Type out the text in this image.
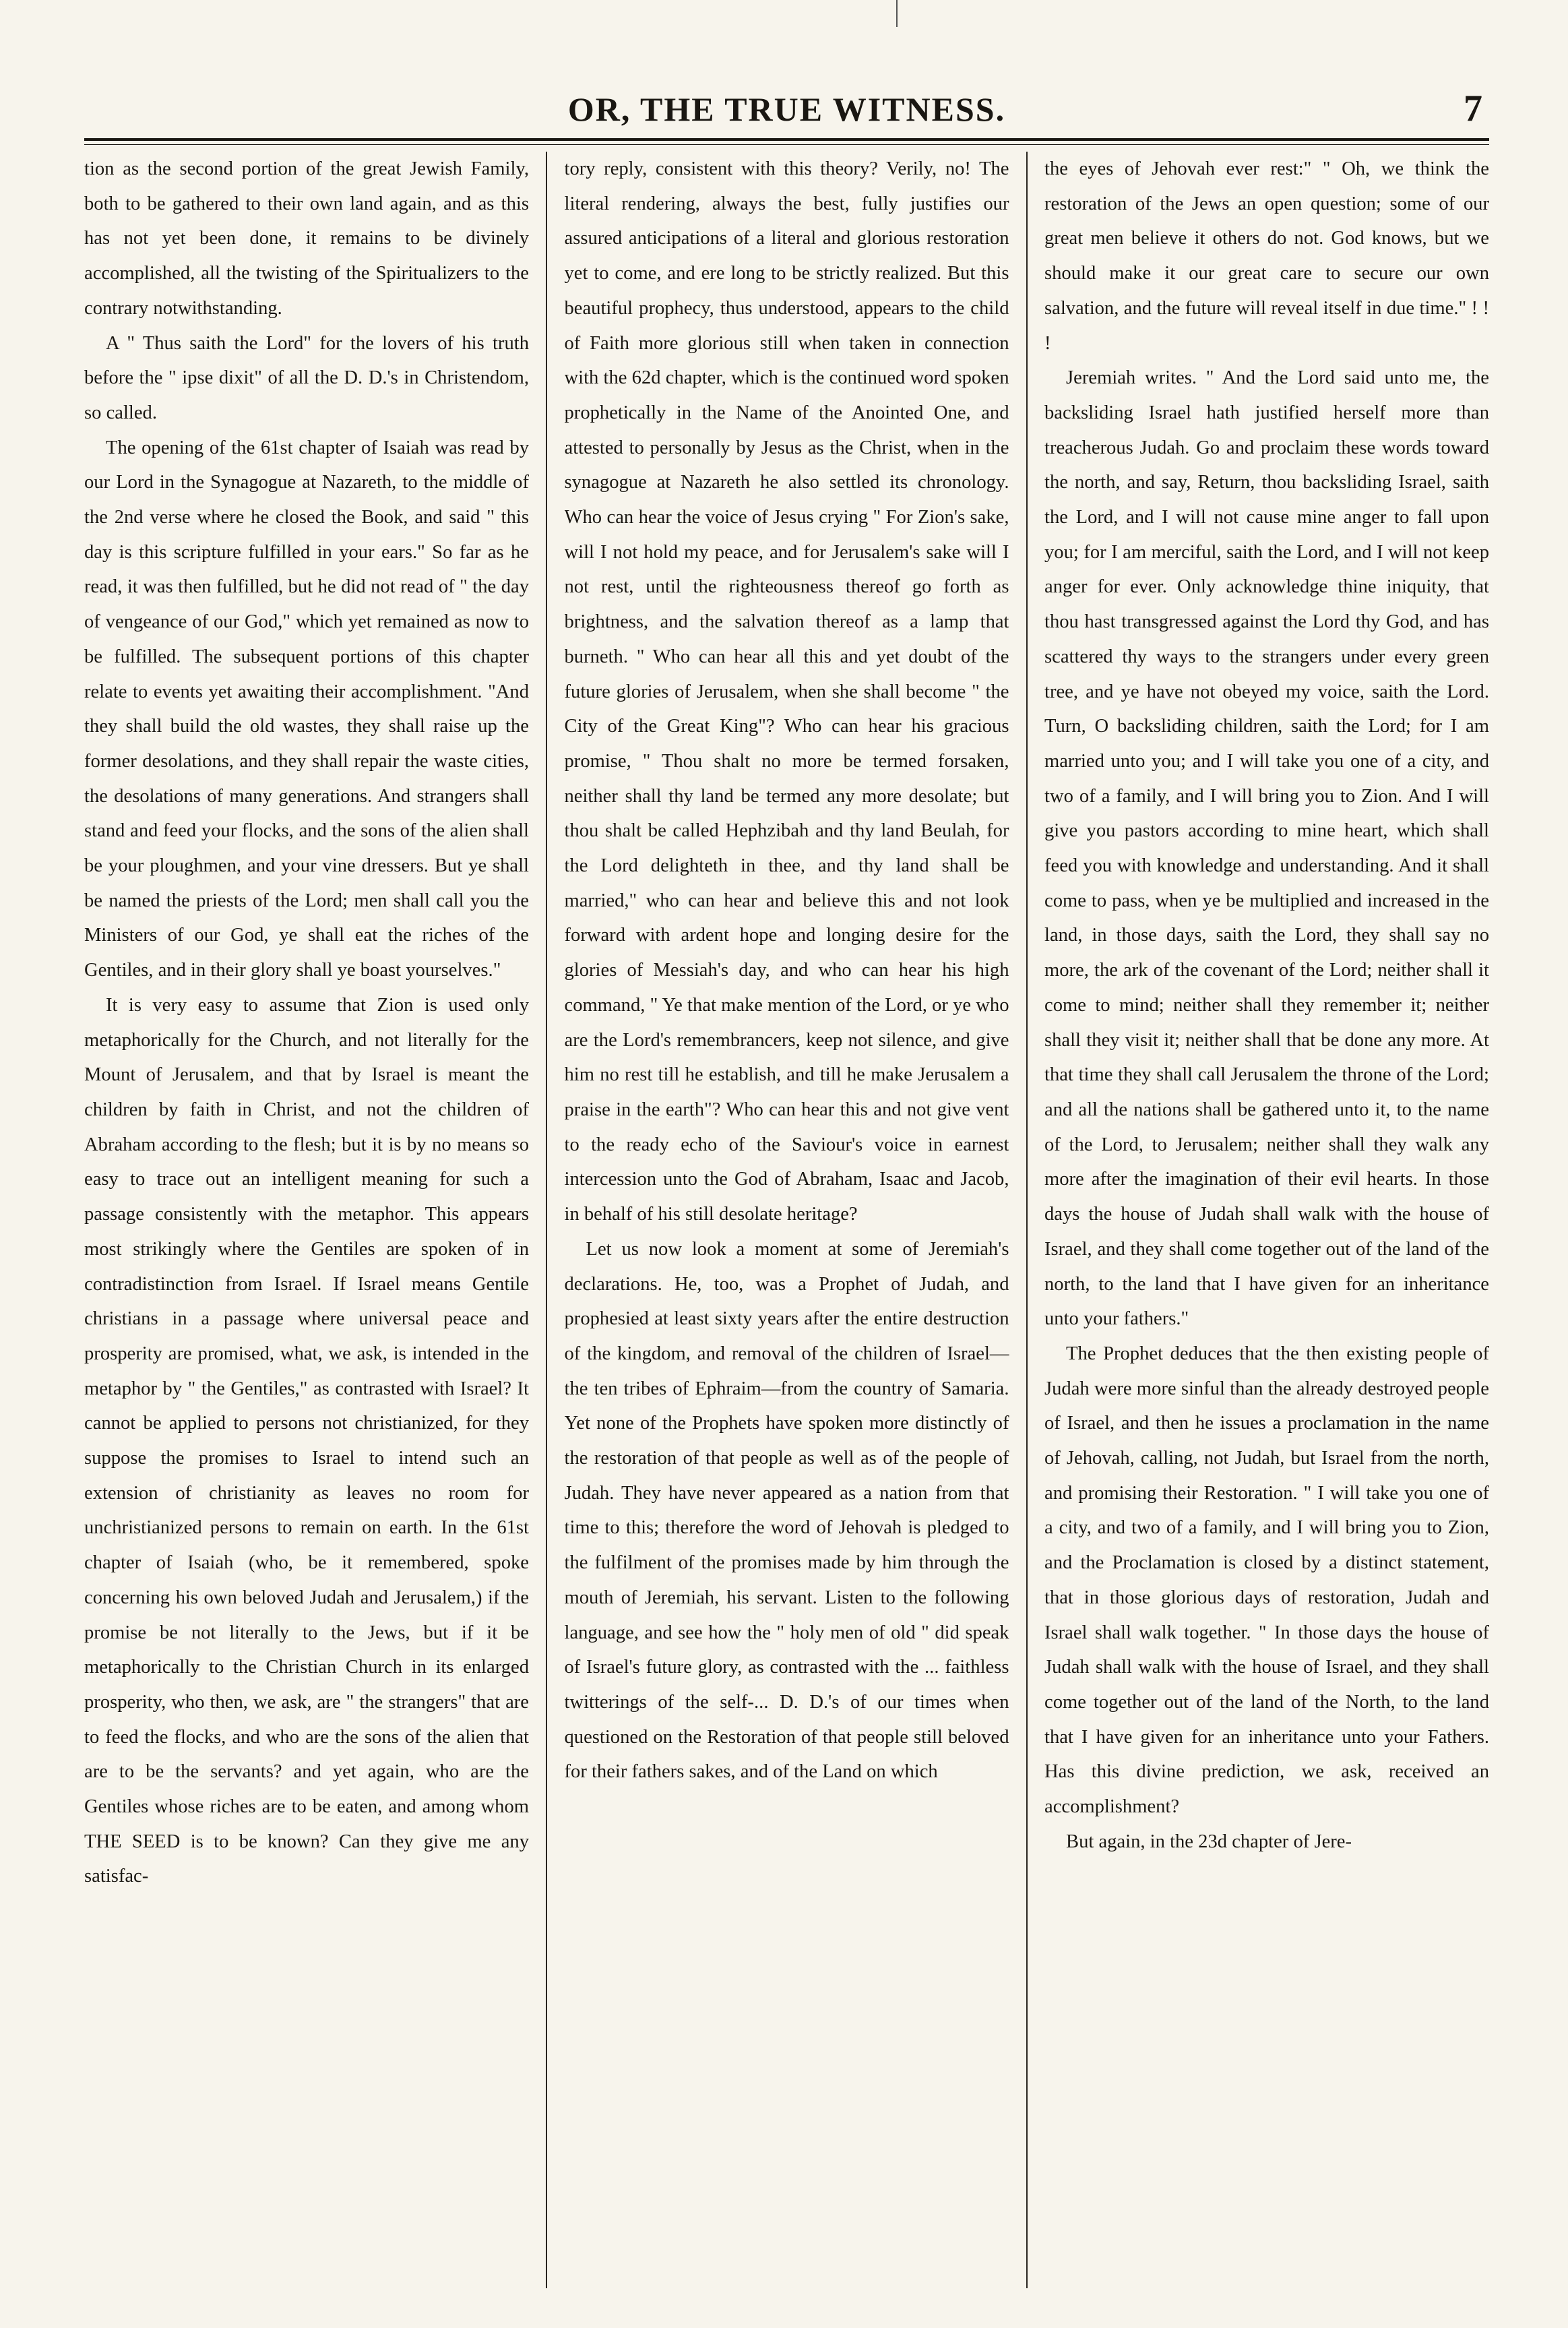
OR, THE TRUE WITNESS.	7

tion as the second portion of the great Jewish Family, both to be gathered to their own land again, and as this has not yet been done, it remains to be divinely accomplished, all the twisting of the Spiritualizers to the contrary notwithstanding.

A " Thus saith the Lord" for the lovers of his truth before the " ipse dixit" of all the D. D.'s in Christendom, so called.

The opening of the 61st chapter of Isaiah was read by our Lord in the Synagogue at Nazareth, to the middle of the 2nd verse where he closed the Book, and said " this day is this scripture fulfilled in your ears." So far as he read, it was then fulfilled, but he did not read of " the day of vengeance of our God," which yet remained as now to be fulfilled. The subsequent portions of this chapter relate to events yet awaiting their accomplishment. "And they shall build the old wastes, they shall raise up the former desolations, and they shall repair the waste cities, the desolations of many generations. And strangers shall stand and feed your flocks, and the sons of the alien shall be your ploughmen, and your vine dressers. But ye shall be named the priests of the Lord; men shall call you the Ministers of our God, ye shall eat the riches of the Gentiles, and in their glory shall ye boast yourselves."

It is very easy to assume that Zion is used only metaphorically for the Church, and not literally for the Mount of Jerusalem, and that by Israel is meant the children by faith in Christ, and not the children of Abraham according to the flesh; but it is by no means so easy to trace out an intelligent meaning for such a passage consistently with the metaphor. This appears most strikingly where the Gentiles are spoken of in contradistinction from Israel. If Israel means Gentile christians in a passage where universal peace and prosperity are promised, what, we ask, is intended in the metaphor by " the Gentiles," as contrasted with Israel? It cannot be applied to persons not christianized, for they suppose the promises to Israel to intend such an extension of christianity as leaves no room for unchristianized persons to remain on earth. In the 61st chapter of Isaiah (who, be it remembered, spoke concerning his own beloved Judah and Jerusalem,) if the promise be not literally to the Jews, but if it be metaphorically to the Christian Church in its enlarged prosperity, who then, we ask, are " the strangers" that are to feed the flocks, and who are the sons of the alien that are to be the servants? and yet again, who are the Gentiles whose riches are to be eaten, and among whom THE SEED is to be known? Can they give me any satisfac-

tory reply, consistent with this theory? Verily, no! The literal rendering, always the best, fully justifies our assured anticipations of a literal and glorious restoration yet to come, and ere long to be strictly realized. But this beautiful prophecy, thus understood, appears to the child of Faith more glorious still when taken in connection with the 62d chapter, which is the continued word spoken prophetically in the Name of the Anointed One, and attested to personally by Jesus as the Christ, when in the synagogue at Nazareth he also settled its chronology. Who can hear the voice of Jesus crying " For Zion's sake, will I not hold my peace, and for Jerusalem's sake will I not rest, until the righteousness thereof go forth as brightness, and the salvation thereof as a lamp that burneth. " Who can hear all this and yet doubt of the future glories of Jerusalem, when she shall become " the City of the Great King"? Who can hear his gracious promise, " Thou shalt no more be termed forsaken, neither shall thy land be termed any more desolate; but thou shalt be called Hephzibah and thy land Beulah, for the Lord delighteth in thee, and thy land shall be married," who can hear and believe this and not look forward with ardent hope and longing desire for the glories of Messiah's day, and who can hear his high command, " Ye that make mention of the Lord, or ye who are the Lord's remembrancers, keep not silence, and give him no rest till he establish, and till he make Jerusalem a praise in the earth"? Who can hear this and not give vent to the ready echo of the Saviour's voice in earnest intercession unto the God of Abraham, Isaac and Jacob, in behalf of his still desolate heritage?

Let us now look a moment at some of Jeremiah's declarations. He, too, was a Prophet of Judah, and prophesied at least sixty years after the entire destruction of the kingdom, and removal of the children of Israel—the ten tribes of Ephraim—from the country of Samaria. Yet none of the Prophets have spoken more distinctly of the restoration of that people as well as of the people of Judah. They have never appeared as a nation from that time to this; therefore the word of Jehovah is pledged to the fulfilment of the promises made by him through the mouth of Jeremiah, his servant. Listen to the following language, and see how the " holy men of old " did speak of Israel's future glory, as contrasted with the ... faithless twitterings of the self-... D. D.'s of our times when questioned on the Restoration of that people still beloved for their fathers sakes, and of the Land on which

the eyes of Jehovah ever rest:" " Oh, we think the restoration of the Jews an open question; some of our great men believe it others do not. God knows, but we should make it our great care to secure our own salvation, and the future will reveal itself in due time." ! ! !

Jeremiah writes. " And the Lord said unto me, the backsliding Israel hath justified herself more than treacherous Judah. Go and proclaim these words toward the north, and say, Return, thou backsliding Israel, saith the Lord, and I will not cause mine anger to fall upon you; for I am merciful, saith the Lord, and I will not keep anger for ever. Only acknowledge thine iniquity, that thou hast transgressed against the Lord thy God, and has scattered thy ways to the strangers under every green tree, and ye have not obeyed my voice, saith the Lord. Turn, O backsliding children, saith the Lord; for I am married unto you; and I will take you one of a city, and two of a family, and I will bring you to Zion. And I will give you pastors according to mine heart, which shall feed you with knowledge and understanding. And it shall come to pass, when ye be multiplied and increased in the land, in those days, saith the Lord, they shall say no more, the ark of the covenant of the Lord; neither shall it come to mind; neither shall they remember it; neither shall they visit it; neither shall that be done any more. At that time they shall call Jerusalem the throne of the Lord; and all the nations shall be gathered unto it, to the name of the Lord, to Jerusalem; neither shall they walk any more after the imagination of their evil hearts. In those days the house of Judah shall walk with the house of Israel, and they shall come together out of the land of the north, to the land that I have given for an inheritance unto your fathers."

The Prophet deduces that the then existing people of Judah were more sinful than the already destroyed people of Israel, and then he issues a proclamation in the name of Jehovah, calling, not Judah, but Israel from the north, and promising their Restoration. " I will take you one of a city, and two of a family, and I will bring you to Zion, and the Proclamation is closed by a distinct statement, that in those glorious days of restoration, Judah and Israel shall walk together. " In those days the house of Judah shall walk with the house of Israel, and they shall come together out of the land of the North, to the land that I have given for an inheritance unto your Fathers. Has this divine prediction, we ask, received an accomplishment?

But again, in the 23d chapter of Jere-
